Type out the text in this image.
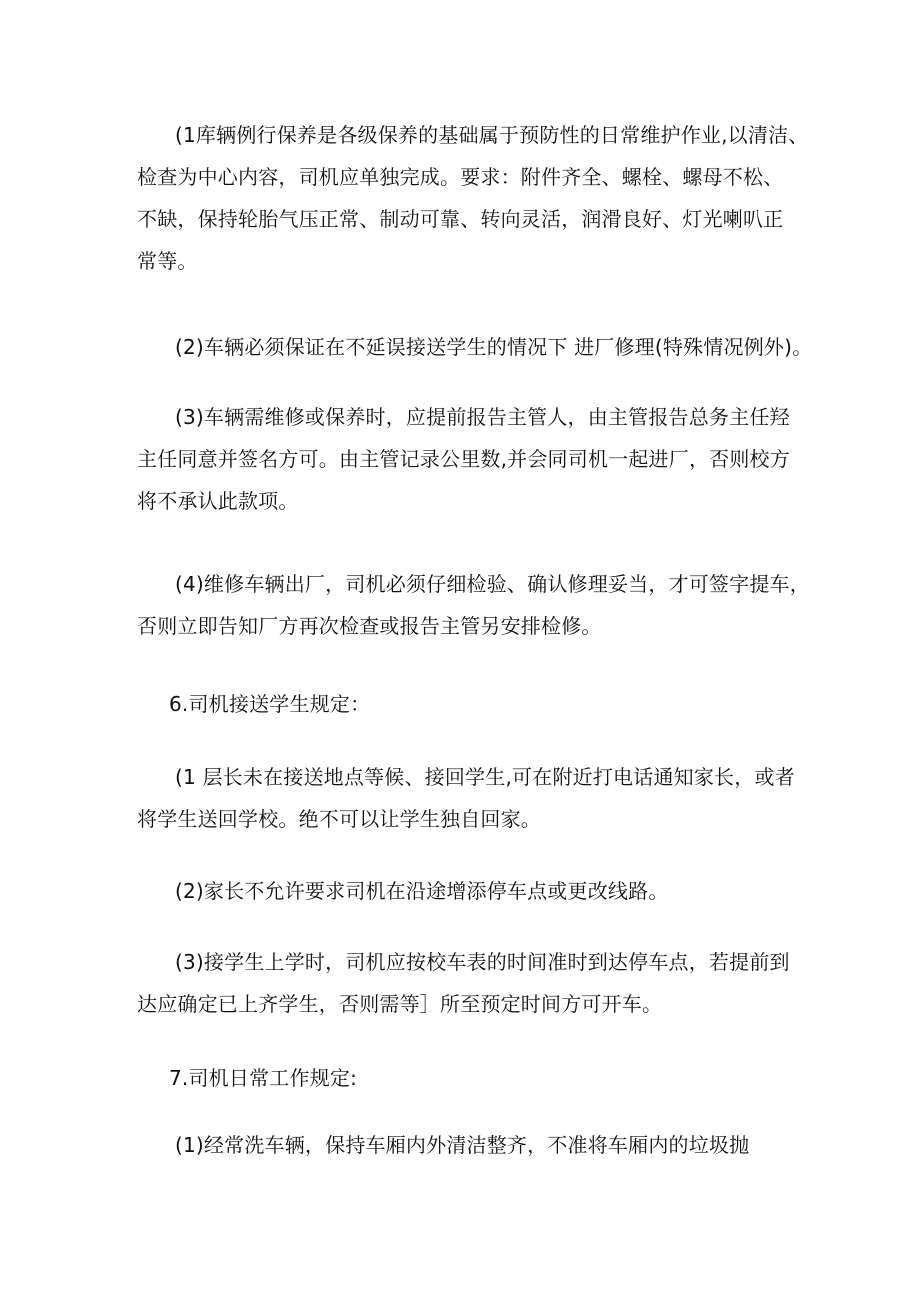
(1库辆例行保养是各级保养的基础属于预防性的日常维护作业,以清洁、
检查为中心内容，司机应单独完成。要求：附件齐全、螺栓、螺母不松、
不缺，保持轮胎气压正常、制动可靠、转向灵活，润滑良好、灯光喇叭正
常等。

(2)车辆必须保证在不延误接送学生的情况下 进厂修理(特殊情况例外)。

(3)车辆需维修或保养时，应提前报告主管人，由主管报告总务主任羟
主任同意并签名方可。由主管记录公里数,并会同司机一起进厂，否则校方
将不承认此款项。

(4)维修车辆出厂，司机必须仔细检验、确认修理妥当，才可签字提车，
否则立即告知厂方再次检查或报告主管另安排检修。

6.司机接送学生规定：

(1 层长未在接送地点等候、接回学生,可在附近打电话通知家长，或者
将学生送回学校。绝不可以让学生独自回家。

(2)家长不允许要求司机在沿途增添停车点或更改线路。

(3)接学生上学时，司机应按校车表的时间准时到达停车点，若提前到
达应确定已上齐学生，否则需等］所至预定时间方可开车。

7.司机日常工作规定:

(1)经常洗车辆，保持车厢内外清洁整齐，不准将车厢内的垃圾抛
